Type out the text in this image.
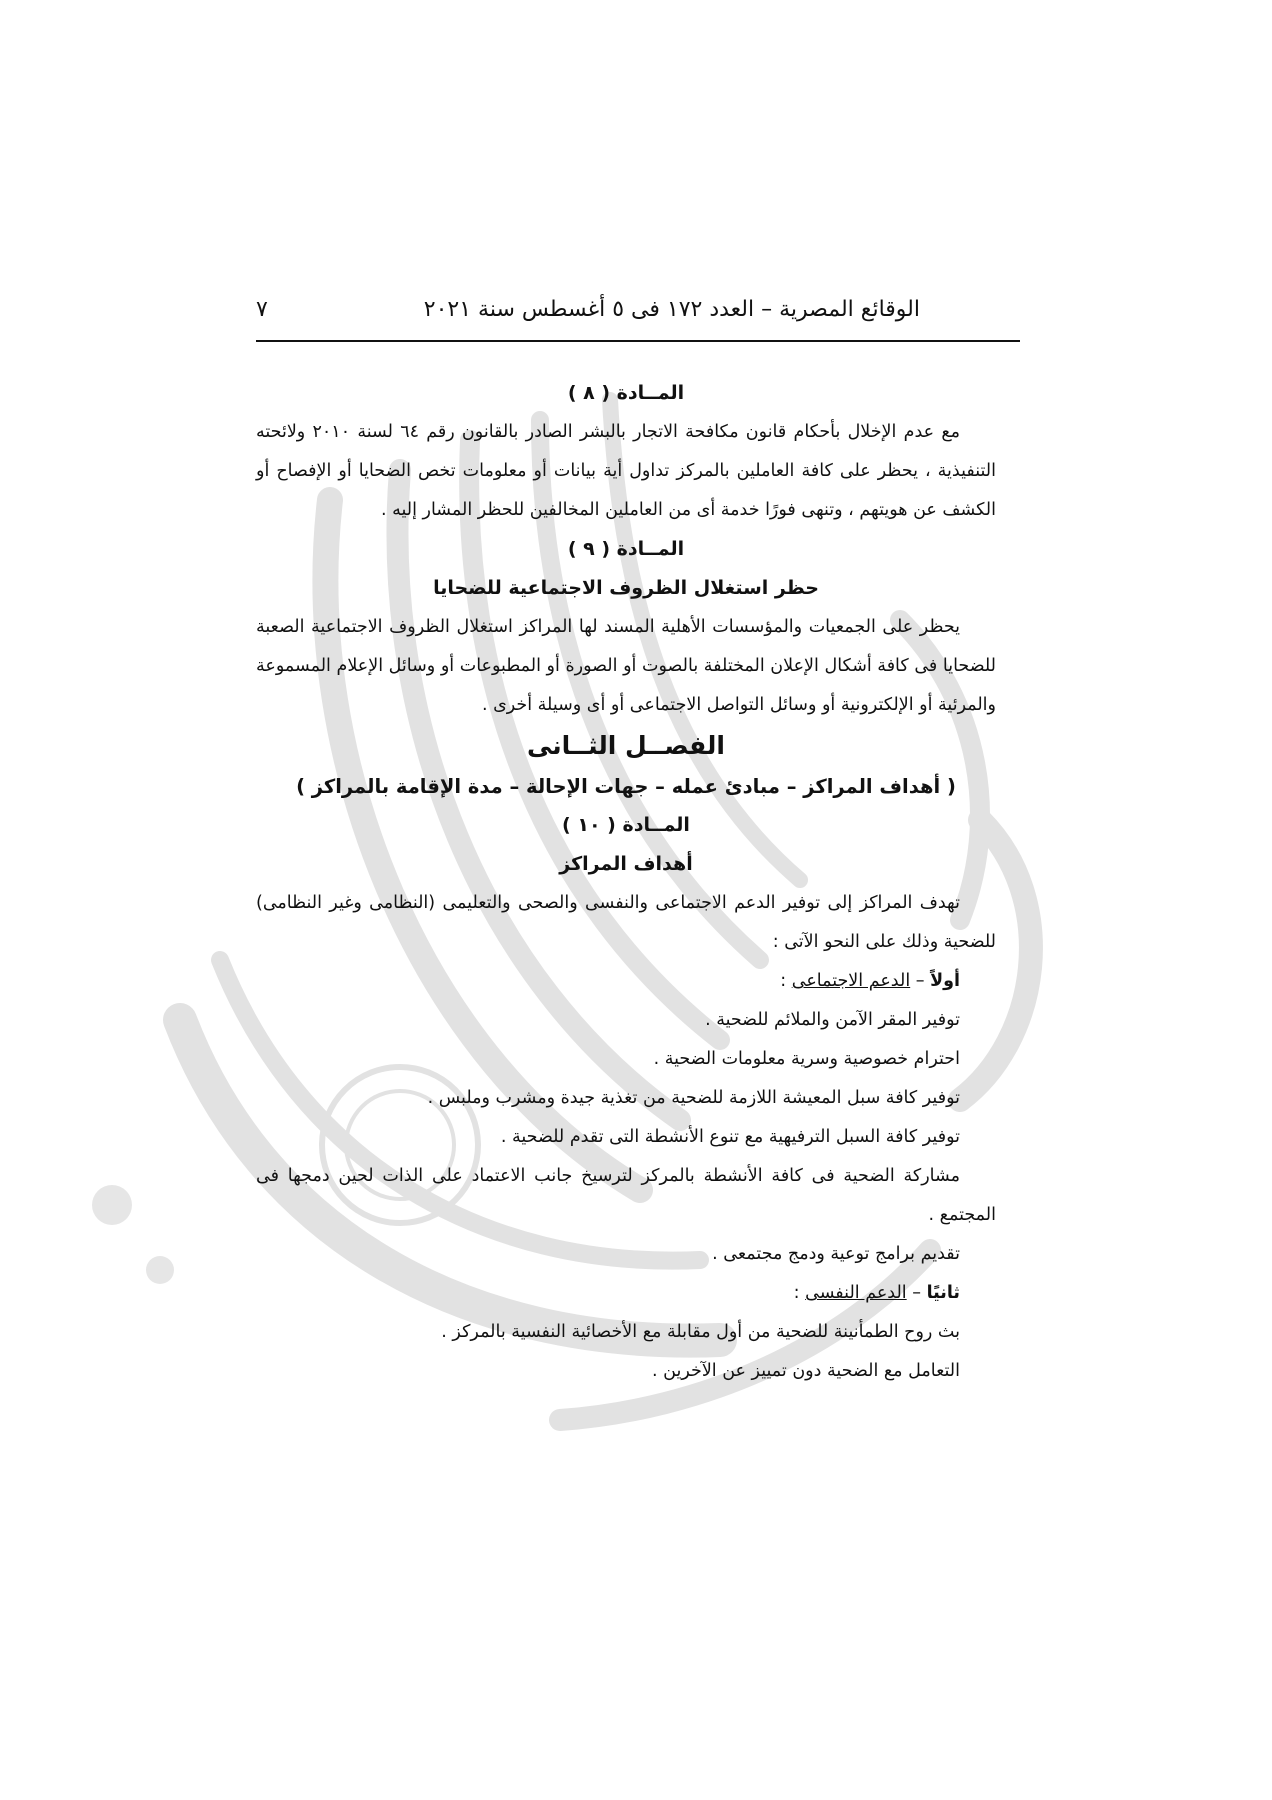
الوقائع المصرية – العدد ١٧٢ فى ٥ أغسطس سنة ٢٠٢١
٧
المــادة ( ٨ )
مع عدم الإخلال بأحكام قانون مكافحة الاتجار بالبشر الصادر بالقانون رقم ٦٤ لسنة ٢٠١٠ ولائحته التنفيذية ، يحظر على كافة العاملين بالمركز تداول أية بيانات أو معلومات تخص الضحايا أو الإفصاح أو الكشف عن هويتهم ، وتنهى فورًا خدمة أى من العاملين المخالفين للحظر المشار إليه .
المــادة ( ٩ )
حظر استغلال الظروف الاجتماعية للضحايا
يحظر على الجمعيات والمؤسسات الأهلية المسند لها المراكز استغلال الظروف الاجتماعية الصعبة للضحايا فى كافة أشكال الإعلان المختلفة بالصوت أو الصورة أو المطبوعات أو وسائل الإعلام المسموعة والمرئية أو الإلكترونية أو وسائل التواصل الاجتماعى أو أى وسيلة أخرى .
الفصــل الثــانى
( أهداف المراكز – مبادئ عمله – جهات الإحالة – مدة الإقامة بالمراكز )
المــادة ( ١٠ )
أهداف المراكز
تهدف المراكز إلى توفير الدعم الاجتماعى والنفسى والصحى والتعليمى (النظامى وغير النظامى) للضحية وذلك على النحو الآتى :
أولاً – الدعم الاجتماعى :
توفير المقر الآمن والملائم للضحية .
احترام خصوصية وسرية معلومات الضحية .
توفير كافة سبل المعيشة اللازمة للضحية من تغذية جيدة ومشرب وملبس .
توفير كافة السبل الترفيهية مع تنوع الأنشطة التى تقدم للضحية .
مشاركة الضحية فى كافة الأنشطة بالمركز لترسيخ جانب الاعتماد على الذات لحين دمجها فى المجتمع .
تقديم برامج توعية ودمج مجتمعى .
ثانيًا – الدعم النفسى :
بث روح الطمأنينة للضحية من أول مقابلة مع الأخصائية النفسية بالمركز .
التعامل مع الضحية دون تمييز عن الآخرين .
